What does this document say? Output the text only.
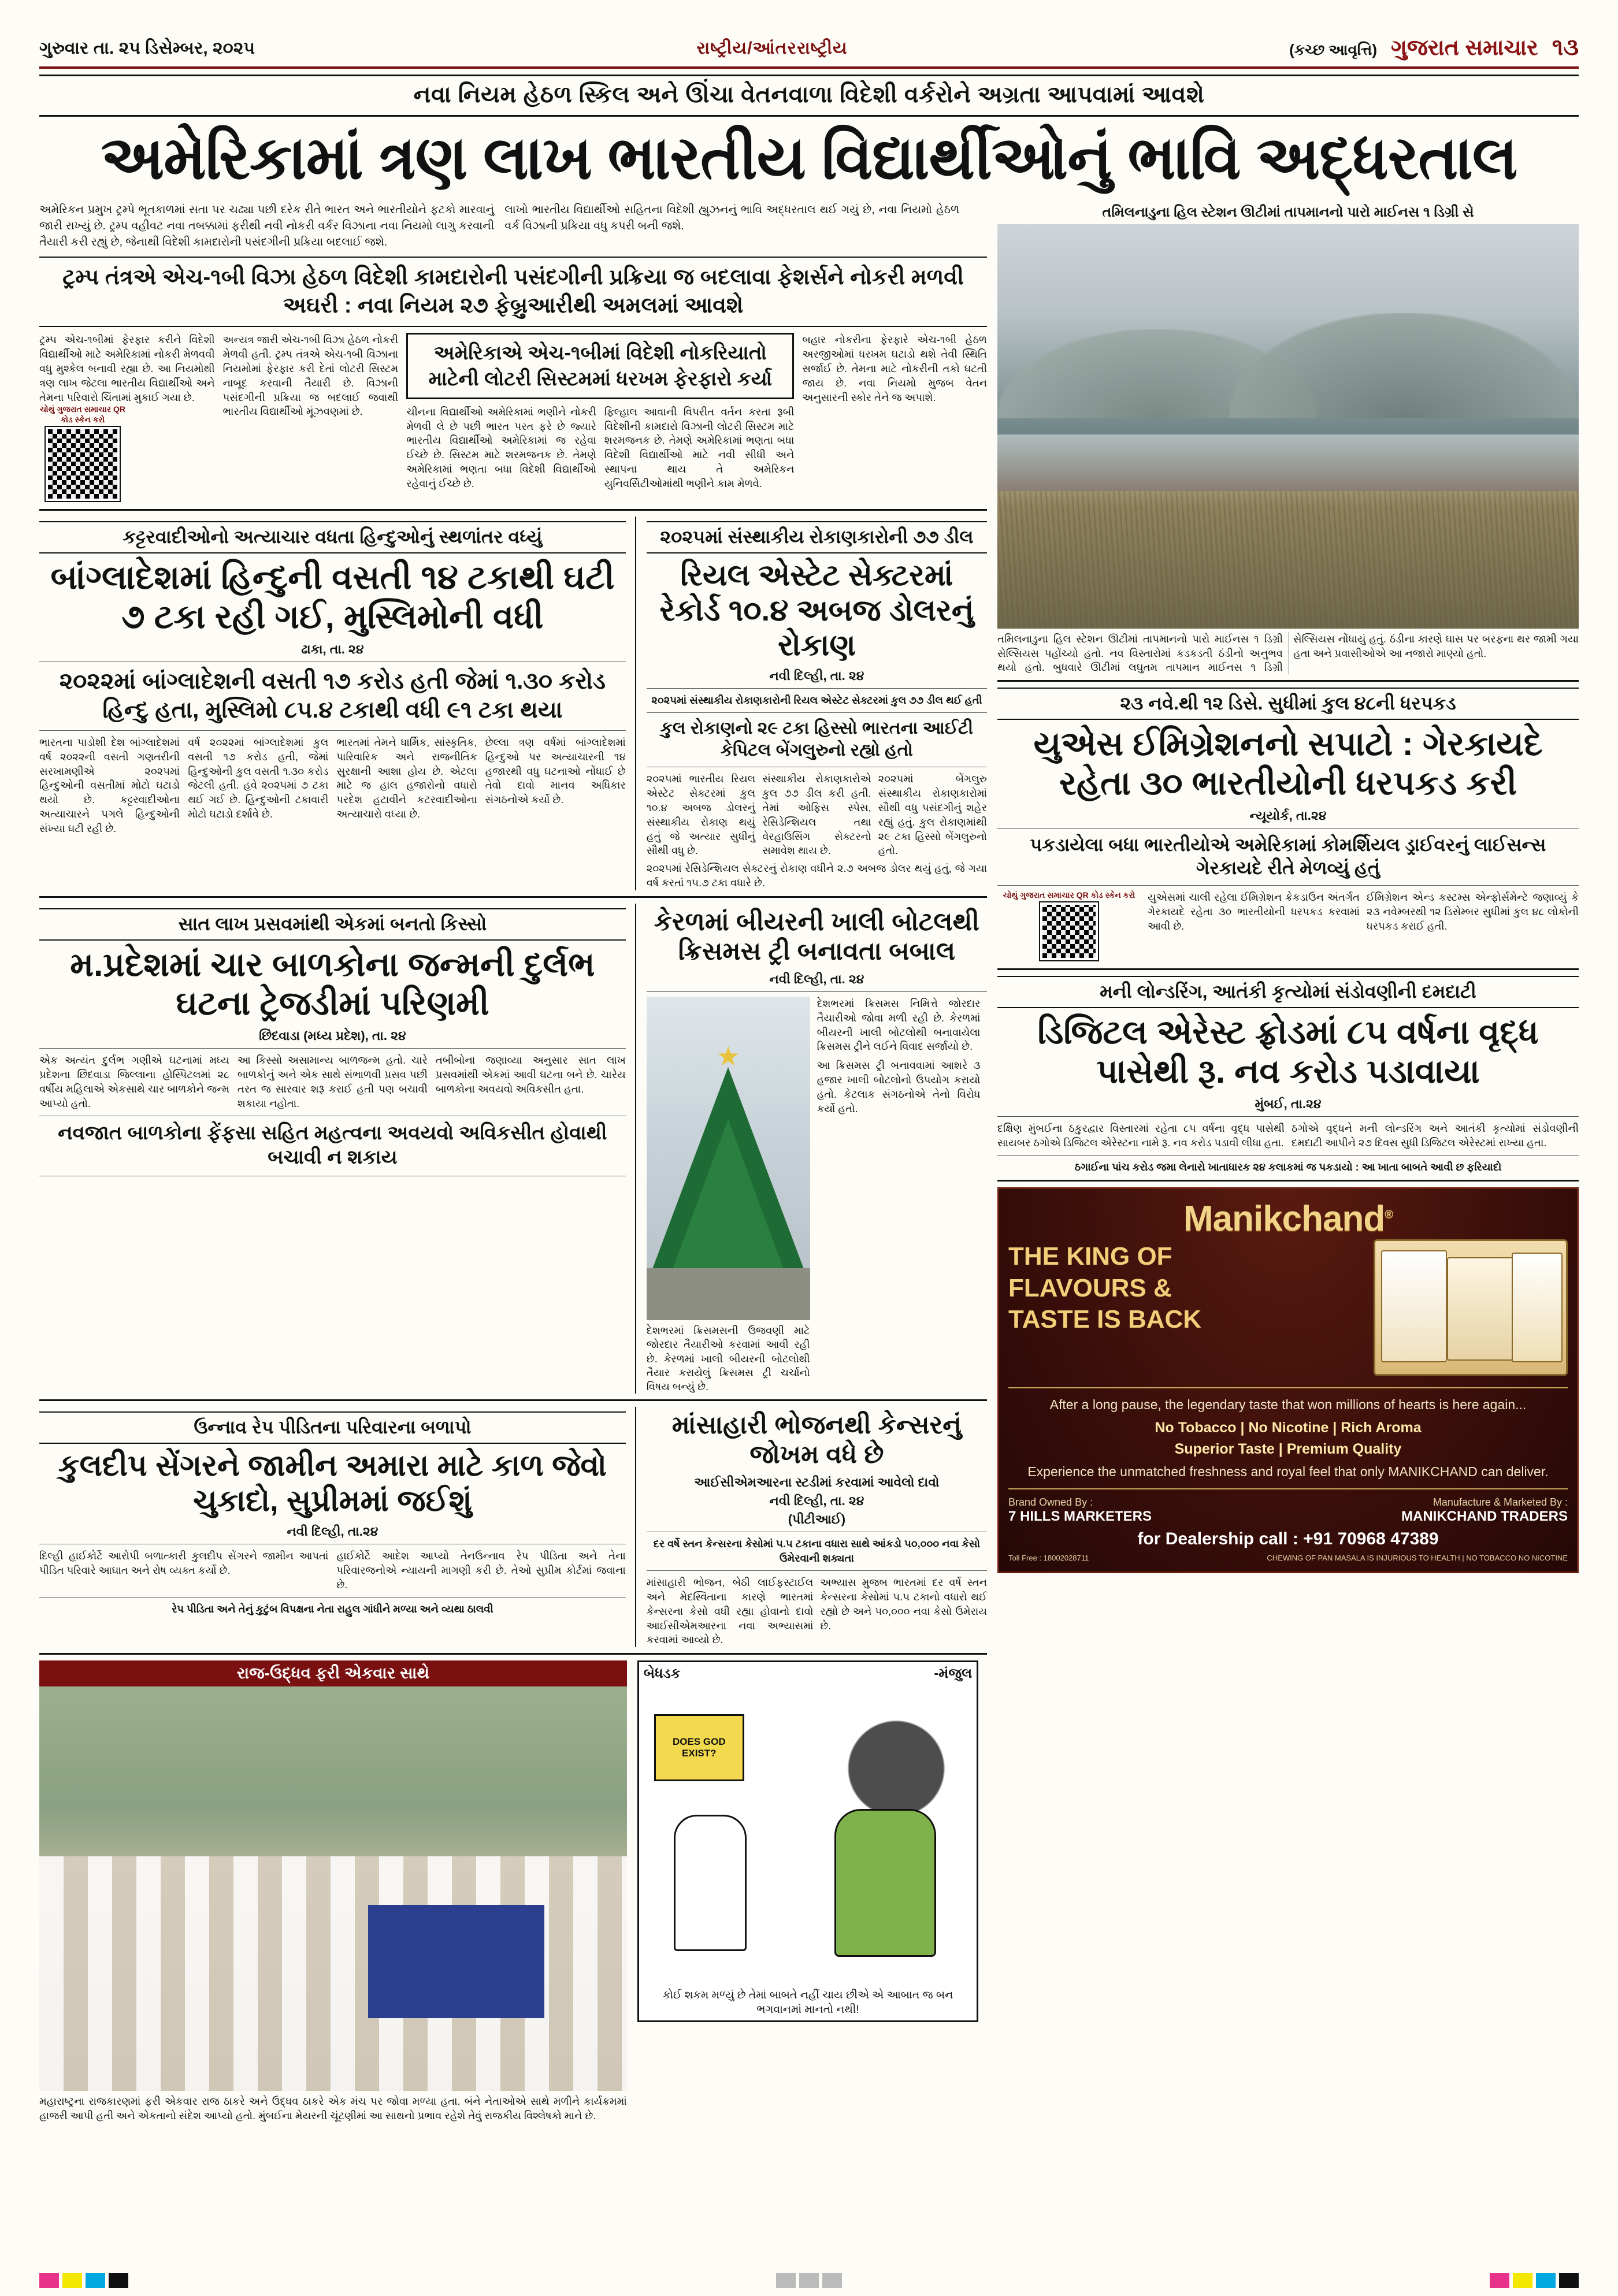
ગુરુવાર તા. ૨૫ ડિસેમ્બર, ૨૦૨૫	રાષ્ટ્રીય/આંતરરાષ્ટ્રીય	(કચ્છ આવૃત્તિ) ગુજરાત સમાચાર ૧૩
નવા નિયમ હેઠળ સ્કિલ અને ઊંચા વેતનવાળા વિદેશી વર્કરોને અગ્રતા આપવામાં આવશે
અમેરિકામાં ત્રણ લાખ ભારતીય વિદ્યાર્થીઓનું ભાવિ અદ્ધરતાલ
અમેરિકન પ્રમુખ ટ્રમ્પે ભૂતકાળમાં સતા પર ચઢ્યા પછી દરેક રીતે ભારત અને ભારતીયોને ફટકો મારવાનું જારી રાખ્યું છે. ટ્રમ્પ વહીવટ નવા તબક્કામાં ફરીથી નવી નોકરી વર્કર વિઝાના નવા નિયમો લાગુ કરવાની તૈયારી કરી રહ્યું છે, જેનાથી વિદેશી કામદારોની પસંદગીની પ્રક્રિયા બદલાઈ જશે.
લાખો ભારતીય વિદ્યાર્થીઓ સહિતના વિદેશી હ્યુઝનનું ભાવિ અદ્ધરતાલ થઈ ગયું છે, નવા નિયમો હેઠળ વર્ક વિઝાની પ્રક્રિયા વધુ કપરી બની જશે.
ટ્રમ્પ તંત્રએ એચ-૧બી વિઝા હેઠળ વિદેશી કામદારોની પસંદગીની પ્રક્રિયા જ બદલાવા ફેશર્સને નોકરી મળવી અઘરી : નવા નિયમ ૨૭ ફેબ્રુઆરીથી અમલમાં આવશે
ટ્રમ્પ એચ-૧બીમાં ફેરફાર કરીને વિદેશી વિદ્યાર્થીઓ માટે અમેરિકામાં નોકરી મેળવવી વધુ મુશ્કેલ બનાવી રહ્યા છે. આ નિયમોથી ત્રણ લાખ જેટલા ભારતીય વિદ્યાર્થીઓ અને તેમના પરિવારો ચિંતામાં મુકાઈ ગયા છે.
ચોથું ગુજરાત સમાચાર QR કોડ સ્કેન કરો
અન્યત્ર જારી એચ-૧બી વિઝા હેઠળ નોકરી મેળવી હતી. ટ્રમ્પ તંત્રએ એચ-૧બી વિઝાના નિયમોમાં ફેરફાર કરી દેતાં લોટરી સિસ્ટમ નાબૂદ કરવાની તૈયારી છે. વિઝાની પસંદગીની પ્રક્રિયા જ બદલાઈ જવાથી ભારતીય વિદ્યાર્થીઓ મૂંઝવણમાં છે.
અમેરિકાએ એચ-૧બીમાં વિદેશી નોકરિયાતો માટેની લોટરી સિસ્ટમમાં ધરખમ ફેરફારો કર્યા
ચીનના વિદ્યાર્થીઓ અમેરિકામાં ભણીને નોકરી મેળવી લે છે પછી ભારત પરત ફરે છે જ્યારે ભારતીય વિદ્યાર્થીઓ અમેરિકામાં જ રહેવા ઈચ્છે છે. સિસ્ટમ માટે શરમજનક છે. તેમણે અમેરિકામાં ભણતા બધા વિદેશી વિદ્યાર્થીઓ રહેવાનું ઈચ્છે છે.
ફિલ્હાલ આવાની વિપરીત વર્તન કરતા રૂબી વિદેશીની કામદારો વિઝાની લોટરી સિસ્ટમ માટે શરમજનક છે. તેમણે અમેરિકામાં ભણતા બધા વિદેશી વિદ્યાર્થીઓ માટે નવી સીધી અને સ્થાપના થાય તે અમેરિકન યુનિવર્સિટીઓમાંથી ભણીને કામ મેળવે.
બહાર નોકરીના ફેરફારે એચ-૧બી હેઠળ અરજીઓમાં ધરખમ ઘટાડો થશે તેવી સ્થિતિ સર્જાઈ છે. તેમના માટે નોકરીની તકો ઘટતી જાય છે. નવા નિયમો મુજબ વેતન અનુસારની સ્કોર તેને જ અપાશે.
કટ્ટરવાદીઓનો અત્યાચાર વધતા હિન્દુઓનું સ્થળાંતર વધ્યું
બાંગ્લાદેશમાં હિન્દુની વસતી ૧૪ ટકાથી ઘટી ૭ ટકા રહી ગઈ, મુસ્લિમોની વધી
ઢાકા, તા. ૨૪
૨૦૨૨માં બાંગ્લાદેશની વસતી ૧૭ કરોડ હતી જેમાં ૧.૩૦ કરોડ હિન્દુ હતા, મુસ્લિમો ૮૫.૪ ટકાથી વધી ૯૧ ટકા થયા
ભારતના પાડોશી દેશ બાંગ્લાદેશમાં વર્ષ ૨૦૨૨ની વસતી ગણતરીની સરખામણીએ ૨૦૨૫માં હિન્દુઓની વસતીમાં મોટો ઘટાડો થયો છે. કટ્ટરવાદીઓના અત્યાચારને પગલે હિન્દુઓની સંખ્યા ઘટી રહી છે.
વર્ષ ૨૦૨૨માં બાંગ્લાદેશમાં કુલ વસતી ૧૭ કરોડ હતી, જેમાં હિન્દુઓની કુલ વસતી ૧.૩૦ કરોડ જેટલી હતી. હવે ૨૦૨૫માં ૭ ટકા થઈ ગઈ છે. હિન્દુઓની ટકાવારી મોટો ઘટાડો દર્શાવે છે.
ભારતમાં તેમને ધાર્મિક, સાંસ્કૃતિક, પારિવારિક અને રાજનીતિક સુરક્ષાની આશા હોય છે. એટલા માટે જ હાલ હજારોનો વધારો પરદેશ હટાવીને કટરવાદીઓના અત્યાચારો વધ્યા છે.
છેલ્લા ત્રણ વર્ષમાં બાંગ્લાદેશમાં હિન્દુઓ પર અત્યાચારની ૧૪ હજારથી વધુ ઘટનાઓ નોંધાઈ છે તેવો દાવો માનવ અધિકાર સંગઠનોએ કર્યો છે.
૨૦૨૫માં સંસ્થાકીય રોકાણકારોની ૭૭ ડીલ
રિયલ એસ્ટેટ સેક્ટરમાં રેકોર્ડ ૧૦.૪ અબજ ડોલરનું રોકાણ
નવી દિલ્હી, તા. ૨૪
૨૦૨૫માં સંસ્થાકીય રોકાણકારોની રિયલ એસ્ટેટ સેક્ટરમાં કુલ ૭૭ ડીલ થઈ હતી
કુલ રોકાણનો ૨૯ ટકા હિસ્સો ભારતના આઈટી કેપિટલ બેંગલુરુનો રહ્યો હતો
૨૦૨૫માં ભારતીય રિયલ એસ્ટેટ સેક્ટરમાં કુલ ૧૦.૪ અબજ ડોલરનું સંસ્થાકીય રોકાણ થયું હતું જે અત્યાર સુધીનું સૌથી વધુ છે.
સંસ્થાકીય રોકાણકારોએ કુલ ૭૭ ડીલ કરી હતી. તેમાં ઓફિસ સ્પેસ, રેસિડેન્શિયલ તથા વેરહાઉસિંગ સેક્ટરનો સમાવેશ થાય છે.
૨૦૨૫માં બેંગલુરુ સંસ્થાકીય રોકાણકારોમાં સૌથી વધુ પસંદગીનું શહેર રહ્યું હતું. કુલ રોકાણમાંથી ૨૯ ટકા હિસ્સો બેંગલુરુનો હતો.
૨૦૨૫માં રેસિડેન્શિયલ સેક્ટરનું રોકાણ વધીને ૨.૭ અબજ ડોલર થયું હતું, જે ગયા વર્ષ કરતાં ૧૫.૭ ટકા વધારે છે.
સાત લાખ પ્રસવમાંથી એકમાં બનતો કિસ્સો
મ.પ્રદેશમાં ચાર બાળકોના જન્મની દુર્લભ ઘટના ટ્રેજડીમાં પરિણમી
છિંદવાડા (મધ્ય પ્રદેશ), તા. ૨૪
એક અત્યંત દુર્લભ ગણીએ ઘટનામાં મધ્ય પ્રદેશના છિંદવાડા જિલ્લાના હોસ્પિટલમાં ૨૮ વર્ષીય મહિલાએ એકસાથે ચાર બાળકોને જન્મ આપ્યો હતો.
આ કિસ્સો અસામાન્ય બાળજન્મ હતો. ચારે બાળકોનું અને એક સાથે સંભાળવી પ્રસવ પછી તરત જ સારવાર શરૂ કરાઈ હતી પણ બચાવી શકાયા નહોતા.
તબીબોના જણાવ્યા અનુસાર સાત લાખ પ્રસવમાંથી એકમાં આવી ઘટના બને છે. ચારેય બાળકોના અવયવો અવિકસીત હતા.
નવજાત બાળકોના ફેંફસા સહિત મહત્વના અવયવો અવિકસીત હોવાથી બચાવી ન શકાય
કેરળમાં બીયરની ખાલી બોટલથી ક્રિસમસ ટ્રી બનાવતા બબાલ
નવી દિલ્હી, તા. ૨૪
★
દેશભરમાં ક્રિસમસની ઉજવણી માટે જોરદાર તૈયારીઓ કરવામાં આવી રહી છે. કેરળમાં ખાલી બીયરની બોટલોથી તૈયાર કરાયેલું ક્રિસમસ ટ્રી ચર્ચાનો વિષય બન્યું છે.
દેશભરમાં ક્રિસમસ નિમિત્તે જોરદાર તૈયારીઓ જોવા મળી રહી છે. કેરળમાં બીયરની ખાલી બોટલોથી બનાવાયેલા ક્રિસમસ ટ્રીને લઈને વિવાદ સર્જાયો છે.
આ ક્રિસમસ ટ્રી બનાવવામાં આશરે ૩ હજાર ખાલી બોટલોનો ઉપયોગ કરાયો હતો. કેટલાક સંગઠનોએ તેનો વિરોધ કર્યો હતો.
ઉન્નાવ રેપ પીડિતના પરિવારના બળાપો
કુલદીપ સેંગરને જામીન અમારા માટે કાળ જેવો ચુકાદો, સુપ્રીમમાં જઈશું
નવી દિલ્હી, તા.૨૪
દિલ્હી હાઈકોર્ટે આરોપી બળાત્કારી કુલદીપ સેંગરને જામીન આપતાં પીડિત પરિવારે આઘાત અને રોષ વ્યક્ત કર્યો છે.
હાઈકોર્ટે આદેશ આપ્યો તેનઉન્નાવ રેપ પીડિતા અને તેના પરિવારજનોએ ન્યાયની માગણી કરી છે. તેઓ સુપ્રીમ કોર્ટમાં જવાના છે.
રેપ પીડિતા અને તેનું કુટુંબ વિપક્ષના નેતા રાહુલ ગાંધીને મળ્યા અને વ્યથા ઠાલવી
માંસાહારી ભોજનથી કેન્સરનું જોખમ વધે છે
આઈસીએમઆરના સ્ટડીમાં કરવામાં આવેલો દાવો
નવી દિલ્હી, તા. ૨૪
(પીટીઆઈ)
દર વર્ષે સ્તન કેન્સરના કેસોમાં ૫.૫ ટકાના વધારા સાથે આંકડો ૫૦,૦૦૦ નવા કેસો ઉમેરવાની શક્યતા
માંસાહારી ભોજન, બેઠી લાઈફસ્ટાઈલ અને મેદસ્વિતાના કારણે ભારતમાં કેન્સરના કેસો વધી રહ્યા હોવાનો દાવો આઈસીએમઆરના નવા અભ્યાસમાં કરવામાં આવ્યો છે.
અભ્યાસ મુજબ ભારતમાં દર વર્ષે સ્તન કેન્સરના કેસોમાં ૫.૫ ટકાનો વધારો થઈ રહ્યો છે અને ૫૦,૦૦૦ નવા કેસો ઉમેરાય છે.
રાજ-ઉદ્ધવ ફરી એકવાર સાથે
મહારાષ્ટ્રના રાજકારણમાં ફરી એકવાર રાજ ઠાકરે અને ઉદ્ધવ ઠાકરે એક મંચ પર જોવા મળ્યા હતા. બંને નેતાઓએ સાથે મળીને કાર્યક્રમમાં હાજરી આપી હતી અને એકતાનો સંદેશ આપ્યો હતો. મુંબઈના મેયરની ચૂંટણીમાં આ સાથનો પ્રભાવ રહેશે તેવું રાજકીય વિશ્લેષકો માને છે.
બેધડક	-મંજુલ
DOES GOD EXIST?
કોઈ શકમ મળ્યું છે તેમાં બાબતે નહીં ચાય છીએ એ આબાત જ બન ભગવાનમાં માનતો નથી!
તમિલનાડુના હિલ સ્ટેશન ઊટીમાં તાપમાનનો પારો માઈનસ ૧ ડિગ્રી સે
તમિલનાડુના હિલ સ્ટેશન ઊટીમાં તાપમાનનો પારો માઈનસ ૧ ડિગ્રી સેલ્સિયસ પહોંચ્યો હતો. નવ વિસ્તારોમાં કડકડતી ઠંડીનો અનુભવ થયો હતો. બુધવારે ઊટીમાં લઘુતમ તાપમાન માઈનસ ૧ ડિગ્રી સેલ્સિયસ નોંધાયું હતું. ઠંડીના કારણે ઘાસ પર બરફના થર જામી ગયા હતા અને પ્રવાસીઓએ આ નજારો માણ્યો હતો.
૨૩ નવે.થી ૧૨ ડિસે. સુધીમાં કુલ ૪૮ની ધરપકડ
યુએસ ઈમિગ્રેશનનો સપાટો : ગેરકાયદે રહેતા ૩૦ ભારતીયોની ધરપકડ કરી
ન્યૂયોર્ક, તા.૨૪
પકડાયેલા બધા ભારતીયોએ અમેરિકામાં કોમર્શિયલ ડ્રાઈવરનું લાઈસન્સ ગેરકાયદે રીતે મેળવ્યું હતું
ચોથું ગુજરાત સમાચાર QR કોડ સ્કેન કરો યુએસમાં ચાલી રહેલા ઈમિગ્રેશન ક્રેકડાઉન અંતર્ગત ગેરકાયદે રહેતા ૩૦ ભારતીયોની ધરપકડ કરવામાં આવી છે.
ઈમિગ્રેશન એન્ડ કસ્ટમ્સ એન્ફોર્સમેન્ટે જણાવ્યું કે ૨૩ નવેમ્બરથી ૧૨ ડિસેમ્બર સુધીમાં કુલ ૪૮ લોકોની ધરપકડ કરાઈ હતી.
મની લોન્ડરિંગ, આતંકી કૃત્યોમાં સંડોવણીની દમદાટી
ડિજિટલ એરેસ્ટ ફ્રોડમાં ૮૫ વર્ષના વૃદ્ધ પાસેથી રૂ. નવ કરોડ પડાવાયા
મુંબઈ, તા.૨૪
દક્ષિણ મુંબઈના ઠકુરદ્વાર વિસ્તારમાં રહેતા ૮૫ વર્ષના વૃદ્ધ પાસેથી સાયબર ઠગોએ ડિજિટલ એરેસ્ટના નામે રૂ. નવ કરોડ પડાવી લીધા હતા.
ઠગોએ વૃદ્ધને મની લોન્ડરિંગ અને આતંકી કૃત્યોમાં સંડોવણીની દમદાટી આપીને ૨૭ દિવસ સુધી ડિજિટલ એરેસ્ટમાં રાખ્યા હતા.
ઠગાઈના પાંચ કરોડ જમા લેનારો ખાતાધારક ૨૪ કલાકમાં જ પકડાયો : આ ખાતા બાબતે આવી છ ફરિયાદો
Manikchand®
THE KING OF
FLAVOURS &
TASTE IS BACK
After a long pause, the legendary taste that won millions of hearts is here again...
No Tobacco | No Nicotine | Rich Aroma
Superior Taste | Premium Quality
Experience the unmatched freshness and royal feel that only MANIKCHAND can deliver.
Brand Owned By :
7 HILLS MARKETERS
Manufacture & Marketed By :
MANIKCHAND TRADERS
for Dealership call : +91 70968 47389
Toll Free : 18002028711	CHEWING OF PAN MASALA IS INJURIOUS TO HEALTH | NO TOBACCO NO NICOTINE
